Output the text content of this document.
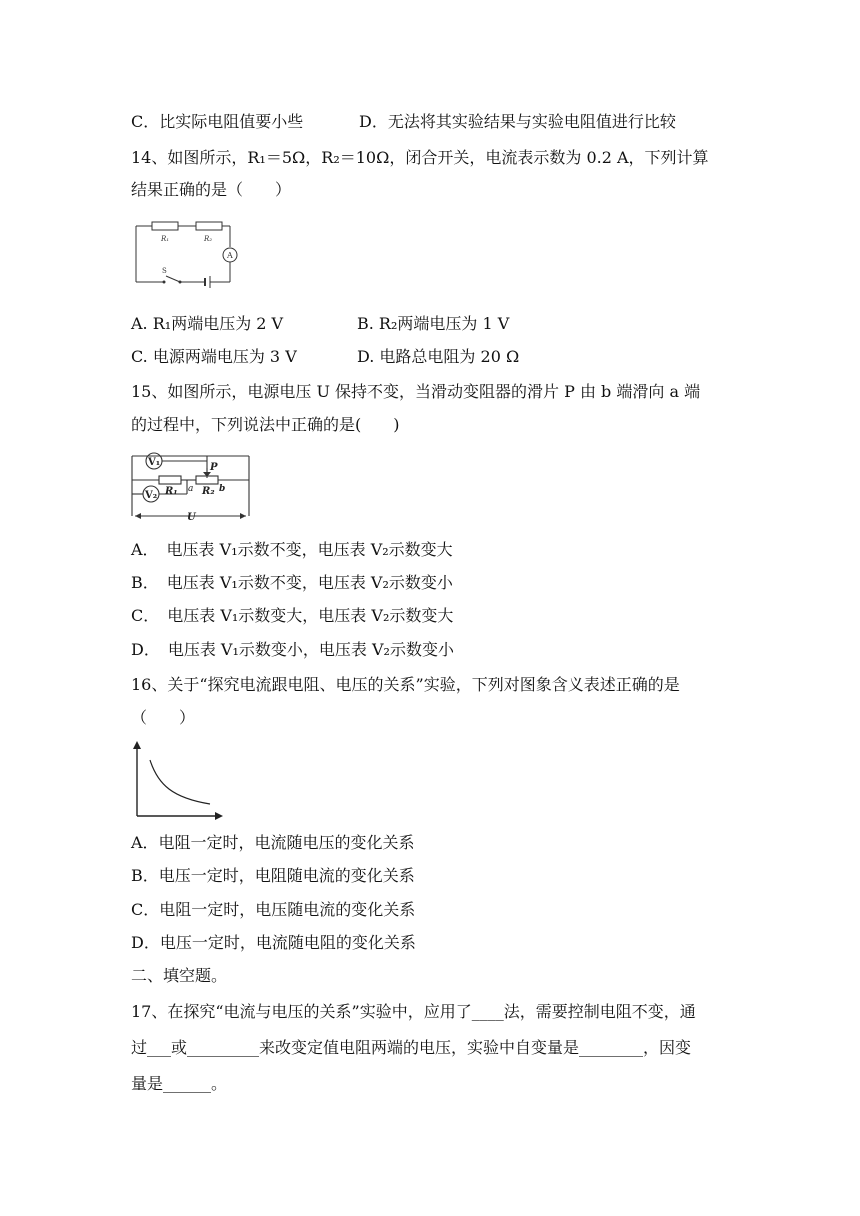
C．比实际电阻值要小些	D．无法将其实验结果与实验电阻值进行比较
14、如图所示，R₁＝5Ω，R₂＝10Ω，闭合开关，电流表示数为 0.2 A，下列计算
结果正确的是（　　）
R₁	R₂
A
S
A. R₁两端电压为 2 V	B. R₂两端电压为 1 V
C. 电源两端电压为 3 V	D. 电路总电阻为 20 Ω
15、如图所示，电源电压 U 保持不变，当滑动变阻器的滑片 P 由 b 端滑向 a 端
的过程中，下列说法中正确的是(　　)
V₁
V₂ R₁ R₂
P
a	b
U
A．　电压表 V₁示数不变，电压表 V₂示数变大
B．　电压表 V₁示数不变，电压表 V₂示数变小
C．　电压表 V₁示数变大，电压表 V₂示数变大
D．　电压表 V₁示数变小，电压表 V₂示数变小
16、关于“探究电流跟电阻、电压的关系”实验，下列对图象含义表述正确的是
（　　）
A．电阻一定时，电流随电压的变化关系
B．电压一定时，电阻随电流的变化关系
C．电阻一定时，电压随电流的变化关系
D．电压一定时，电流随电阻的变化关系
二、填空题。
17、在探究“电流与电压的关系”实验中，应用了____法，需要控制电阻不变，通
过___或_________来改变定值电阻两端的电压，实验中自变量是________，因变
量是______。
